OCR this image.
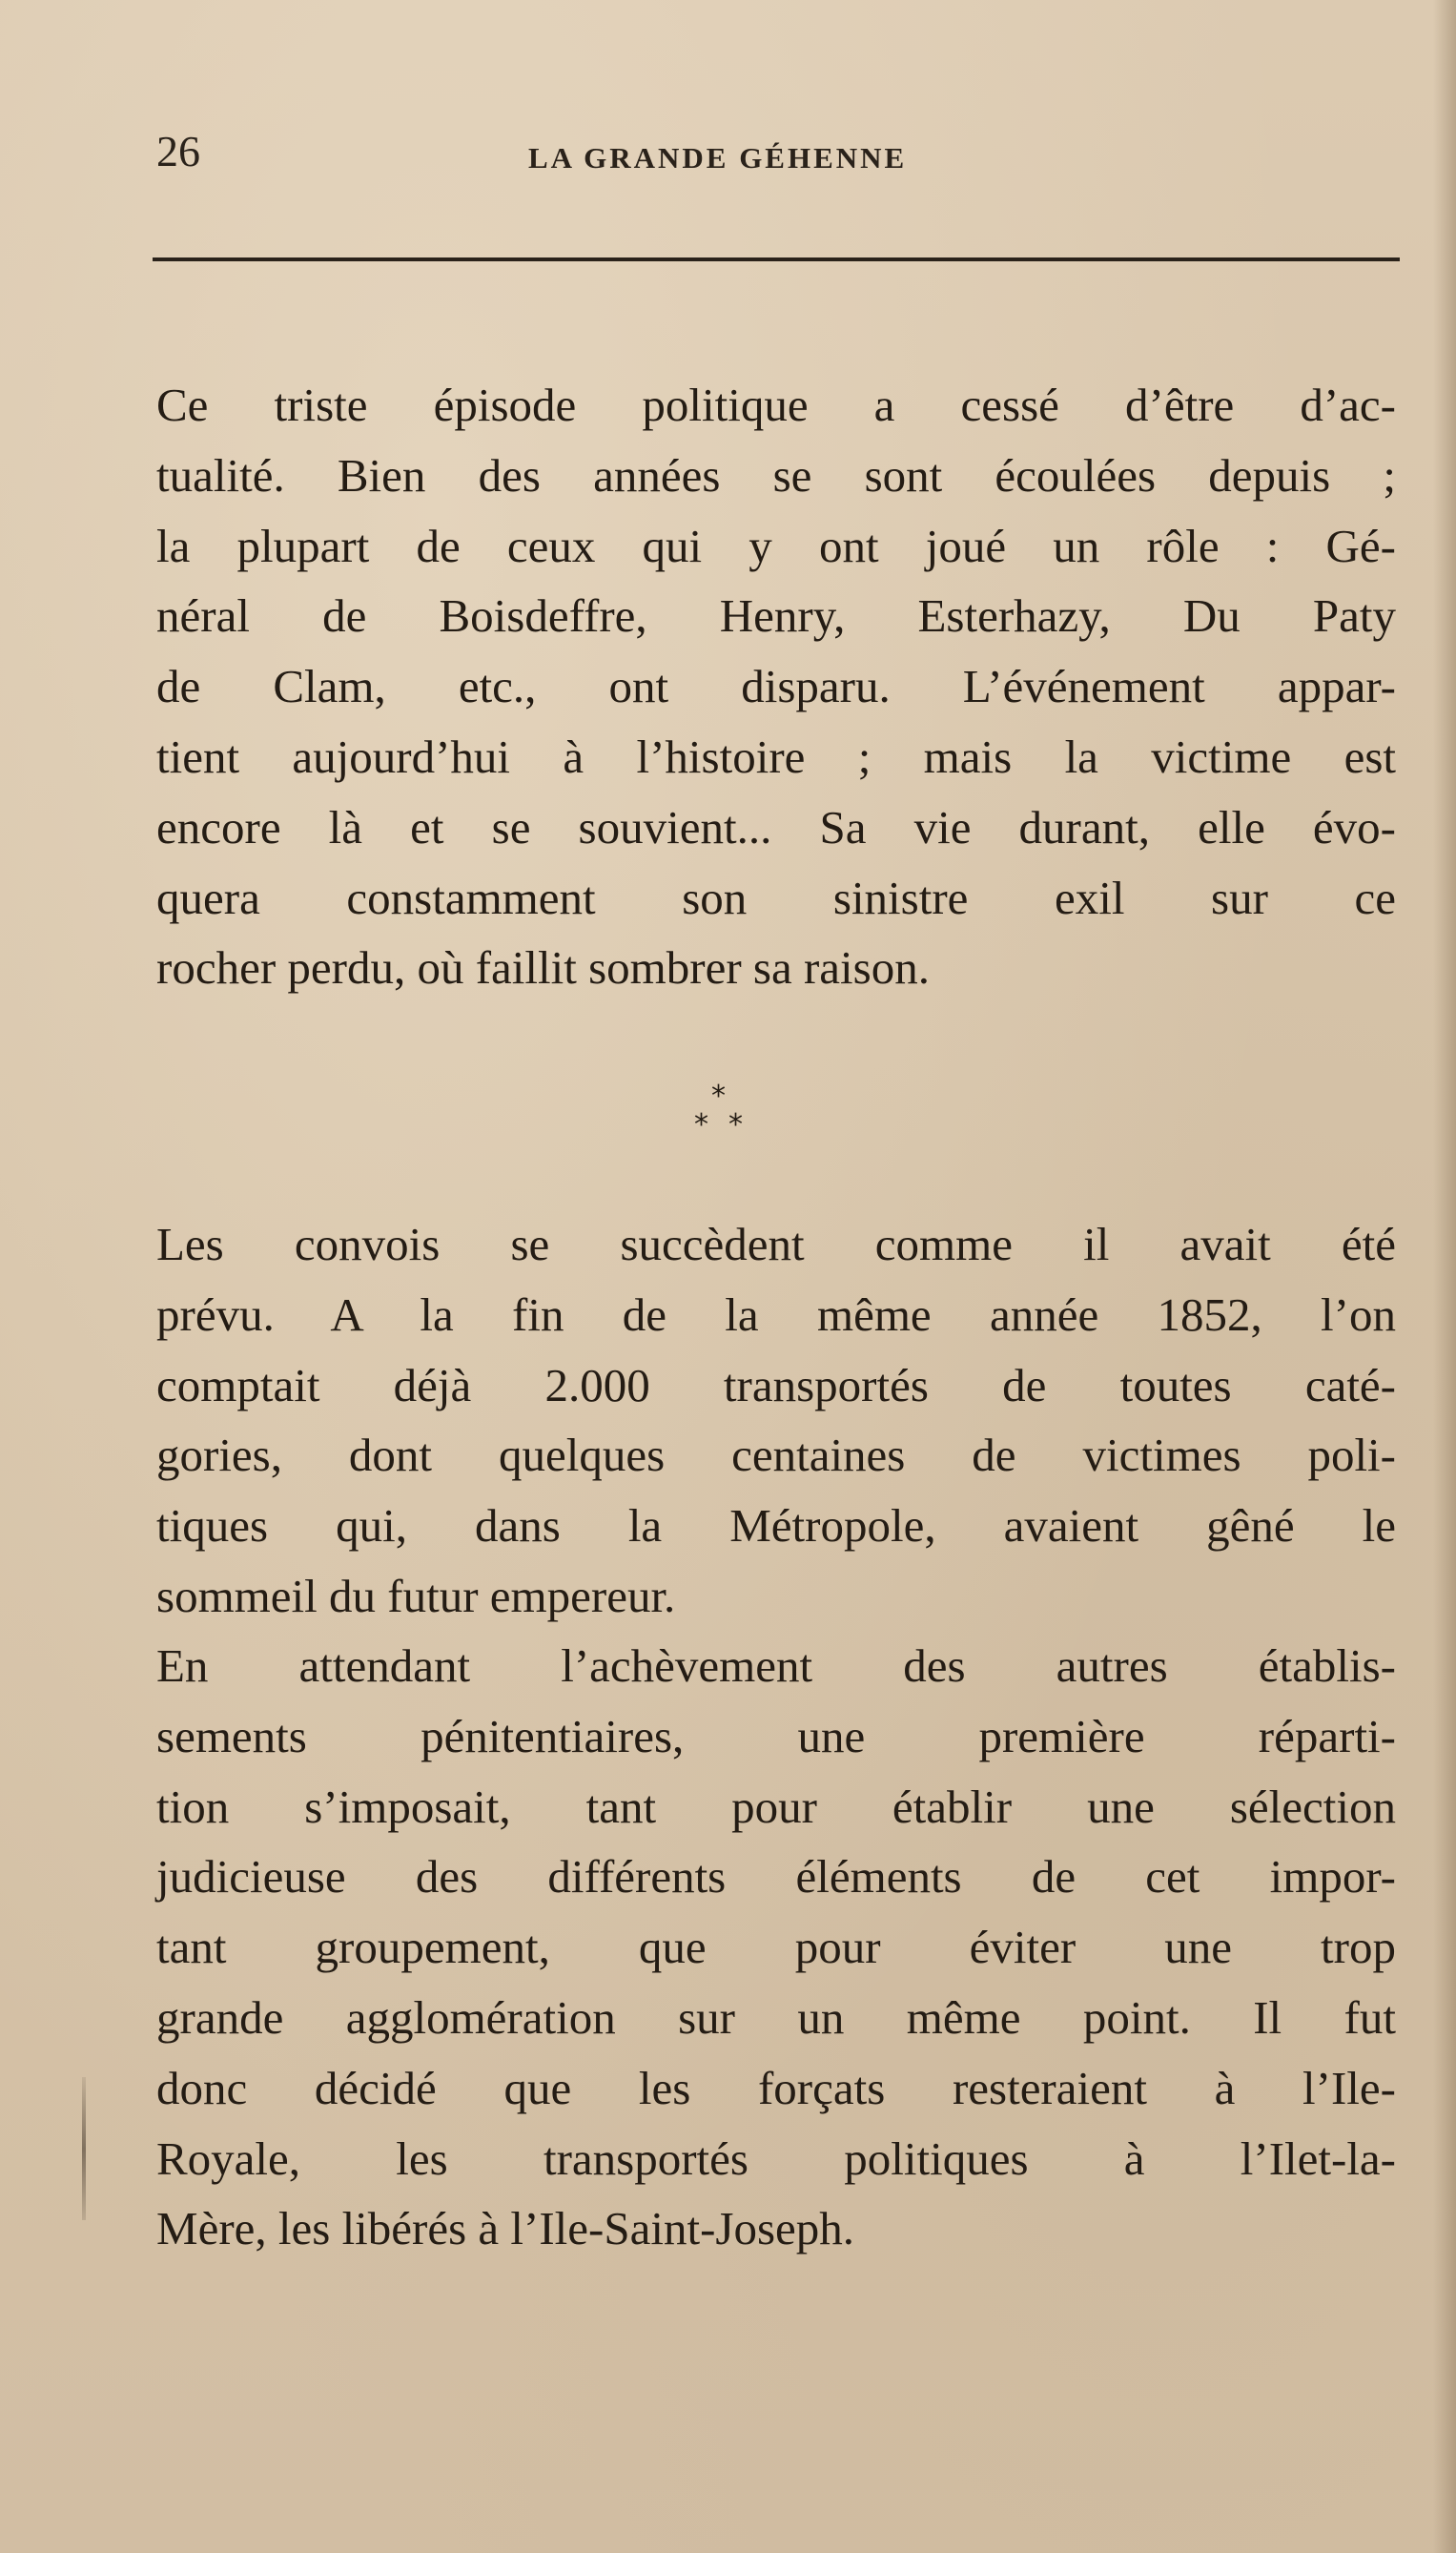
26	LA GRANDE GÉHENNE
Ce triste épisode politique a cessé d’être d’ac-
tualité. Bien des années se sont écoulées depuis ;
la plupart de ceux qui y ont joué un rôle : Gé-
néral de Boisdeffre, Henry, Esterhazy, Du Paty
de Clam, etc., ont disparu. L’événement appar-
tient aujourd’hui à l’histoire ; mais la victime est
encore là et se souvient... Sa vie durant, elle évo-
quera constamment son sinistre exil sur ce
rocher perdu, où faillit sombrer sa raison.
*
* *
Les convois se succèdent comme il avait été
prévu. A la fin de la même année 1852, l’on
comptait déjà 2.000 transportés de toutes caté-
gories, dont quelques centaines de victimes poli-
tiques qui, dans la Métropole, avaient gêné le
sommeil du futur empereur.
En attendant l’achèvement des autres établis-
sements pénitentiaires, une première réparti-
tion s’imposait, tant pour établir une sélection
judicieuse des différents éléments de cet impor-
tant groupement, que pour éviter une trop
grande agglomération sur un même point. Il fut
donc décidé que les forçats resteraient à l’Ile-
Royale, les transportés politiques à l’Ilet-la-
Mère, les libérés à l’Ile-Saint-Joseph.
